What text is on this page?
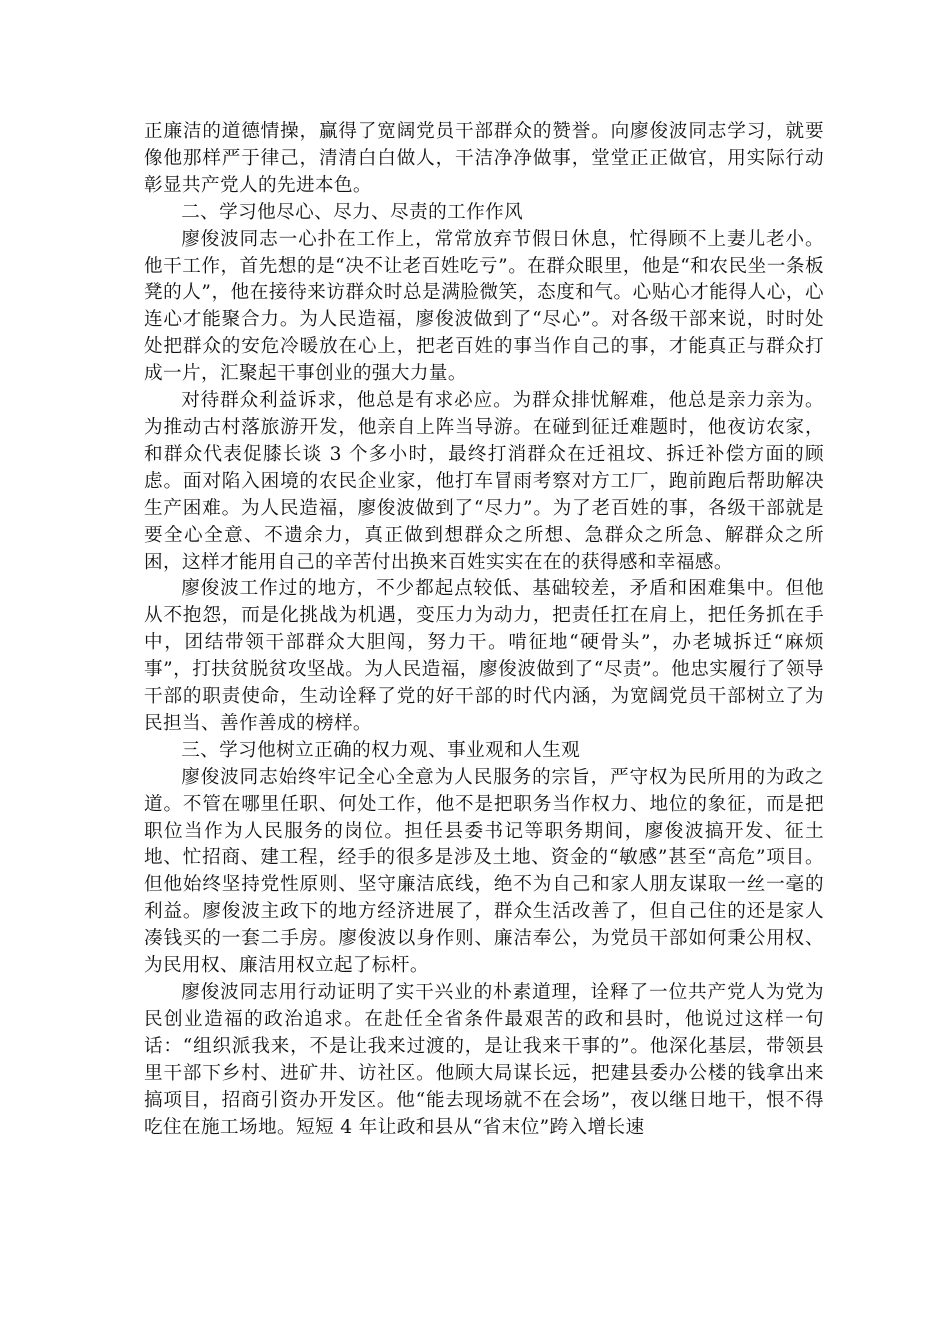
正廉洁的道德情操，赢得了宽阔党员干部群众的赞誉。向廖俊波同志学习，就要像他那样严于律己，清清白白做人，干洁净净做事，堂堂正正做官，用实际行动彰显共产党人的先进本色。

二、学习他尽心、尽力、尽责的工作作风

廖俊波同志一心扑在工作上，常常放弃节假日休息，忙得顾不上妻儿老小。他干工作，首先想的是“决不让老百姓吃亏”。在群众眼里，他是“和农民坐一条板凳的人”，他在接待来访群众时总是满脸微笑，态度和气。心贴心才能得人心，心连心才能聚合力。为人民造福，廖俊波做到了“尽心”。对各级干部来说，时时处处把群众的安危冷暖放在心上，把老百姓的事当作自己的事，才能真正与群众打成一片，汇聚起干事创业的强大力量。

对待群众利益诉求，他总是有求必应。为群众排忧解难，他总是亲力亲为。为推动古村落旅游开发，他亲自上阵当导游。在碰到征迁难题时，他夜访农家，和群众代表促膝长谈 3 个多小时，最终打消群众在迁祖坟、拆迁补偿方面的顾虑。面对陷入困境的农民企业家，他打车冒雨考察对方工厂，跑前跑后帮助解决生产困难。为人民造福，廖俊波做到了“尽力”。为了老百姓的事，各级干部就是要全心全意、不遗余力，真正做到想群众之所想、急群众之所急、解群众之所困，这样才能用自己的辛苦付出换来百姓实实在在的获得感和幸福感。

廖俊波工作过的地方，不少都起点较低、基础较差，矛盾和困难集中。但他从不抱怨，而是化挑战为机遇，变压力为动力，把责任扛在肩上，把任务抓在手中，团结带领干部群众大胆闯，努力干。啃征地“硬骨头”，办老城拆迁“麻烦事”，打扶贫脱贫攻坚战。为人民造福，廖俊波做到了“尽责”。他忠实履行了领导干部的职责使命，生动诠释了党的好干部的时代内涵，为宽阔党员干部树立了为民担当、善作善成的榜样。

三、学习他树立正确的权力观、事业观和人生观

廖俊波同志始终牢记全心全意为人民服务的宗旨，严守权为民所用的为政之道。不管在哪里任职、何处工作，他不是把职务当作权力、地位的象征，而是把职位当作为人民服务的岗位。担任县委书记等职务期间，廖俊波搞开发、征土地、忙招商、建工程，经手的很多是涉及土地、资金的“敏感”甚至“高危”项目。但他始终坚持党性原则、坚守廉洁底线，绝不为自己和家人朋友谋取一丝一毫的利益。廖俊波主政下的地方经济进展了，群众生活改善了，但自己住的还是家人凑钱买的一套二手房。廖俊波以身作则、廉洁奉公，为党员干部如何秉公用权、为民用权、廉洁用权立起了标杆。

廖俊波同志用行动证明了实干兴业的朴素道理，诠释了一位共产党人为党为民创业造福的政治追求。在赴任全省条件最艰苦的政和县时，他说过这样一句话：“组织派我来，不是让我来过渡的，是让我来干事的”。他深化基层，带领县里干部下乡村、进矿井、访社区。他顾大局谋长远，把建县委办公楼的钱拿出来搞项目，招商引资办开发区。他“能去现场就不在会场”，夜以继日地干，恨不得吃住在施工场地。短短 4 年让政和县从“省末位”跨入增长速
